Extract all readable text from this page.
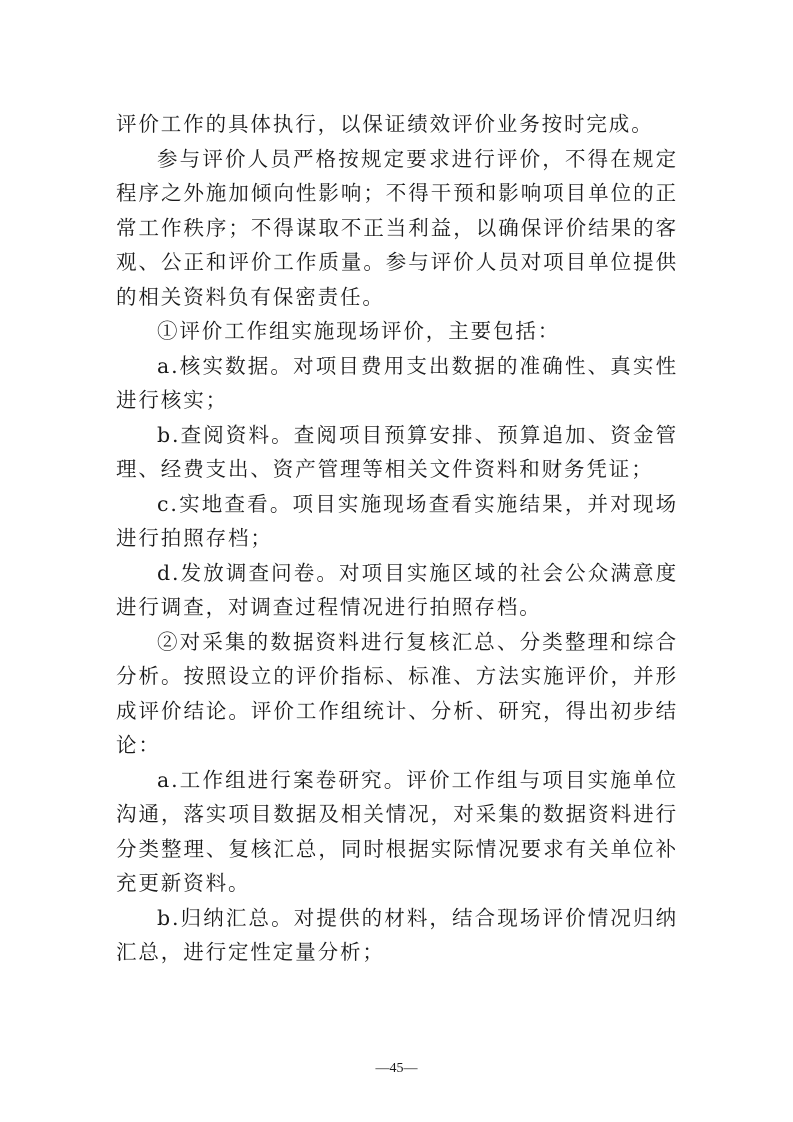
评价工作的具体执行，以保证绩效评价业务按时完成。

参与评价人员严格按规定要求进行评价，不得在规定程序之外施加倾向性影响；不得干预和影响项目单位的正常工作秩序；不得谋取不正当利益，以确保评价结果的客观、公正和评价工作质量。参与评价人员对项目单位提供的相关资料负有保密责任。

①评价工作组实施现场评价，主要包括：

a.核实数据。对项目费用支出数据的准确性、真实性进行核实；

b.查阅资料。查阅项目预算安排、预算追加、资金管理、经费支出、资产管理等相关文件资料和财务凭证；

c.实地查看。项目实施现场查看实施结果，并对现场进行拍照存档；

d.发放调查问卷。对项目实施区域的社会公众满意度进行调查，对调查过程情况进行拍照存档。

②对采集的数据资料进行复核汇总、分类整理和综合分析。按照设立的评价指标、标准、方法实施评价，并形成评价结论。评价工作组统计、分析、研究，得出初步结论：

a.工作组进行案卷研究。评价工作组与项目实施单位沟通，落实项目数据及相关情况，对采集的数据资料进行分类整理、复核汇总，同时根据实际情况要求有关单位补充更新资料。

b.归纳汇总。对提供的材料，结合现场评价情况归纳汇总，进行定性定量分析；

—45—
